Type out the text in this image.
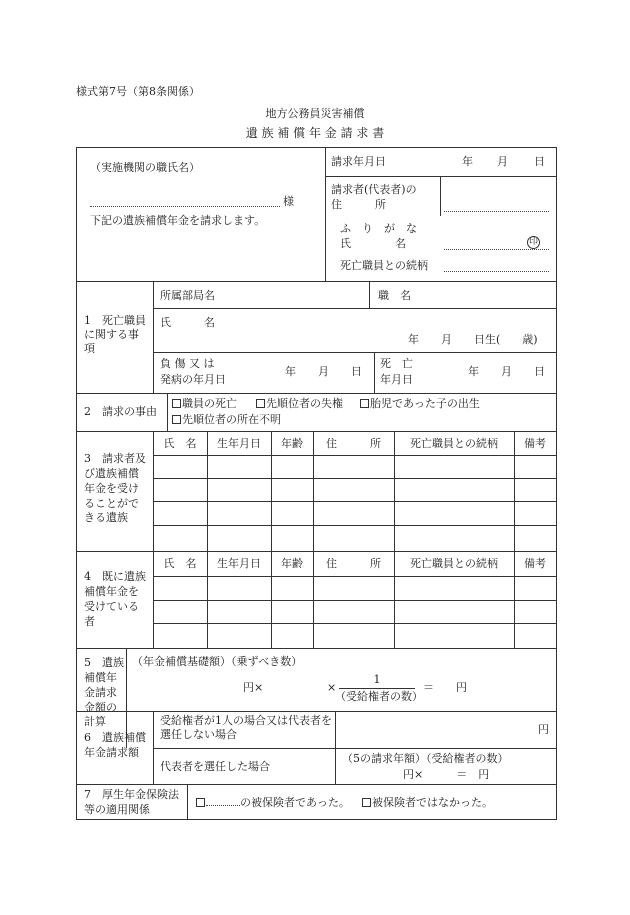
様式第7号（第8条関係）
地方公務員災害補償
遺 族 補 償 年 金 請 求 書
（実施機関の職氏名）
様
下記の遺族補償年金を請求します。
請求年月日	年 月 日
請求者(代表者)の
住　　　所
ふ　り　が　な
氏　　　　名	印
死亡職員との続柄
1　死亡職員に関する事項
所属部局名	職　名
氏　　　名
年　　月　　日生(　　歳)
負 傷 又 は
発病の年月日
年　　月　　日
死　亡
年月日
年　　月　　日
2　請求の事由
職員の死亡	先順位者の失権	胎児であった子の出生
先順位者の所在不明
3　請求者及び遺族補償年金を受けることができる遺族
氏　名	生年月日	年齢	住　　　所	死亡職員との続柄	備考
4　既に遺族補償年金を受けている者
氏　名	生年月日	年齢	住　　　所	死亡職員との続柄	備考
5　遺族補償年金請求金額の計算
（年金補償基礎額）（乗ずべき数）
円×	×
1
（受給権者の数）
＝　　円
6　遺族補償年金請求額
受給権者が1人の場合又は代表者を選任しない場合	円
代表者を選任した場合
（5の請求年額）（受給権者の数）
円×　　　＝　円
7　厚生年金保険法等の適用関係
の被保険者であった。	被保険者ではなかった。
